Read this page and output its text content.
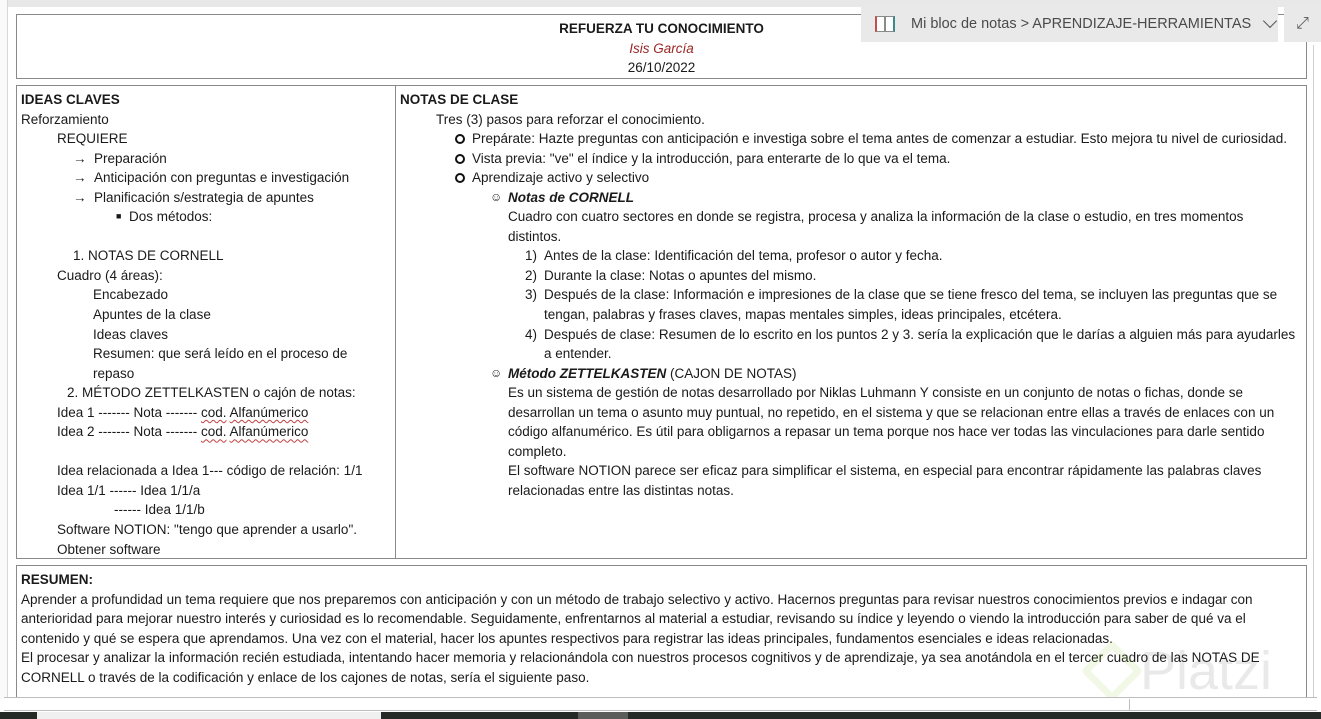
REFUERZA TU CONOCIMIENTO
Isis García
26/10/2022
IDEAS CLAVES
Reforzamiento
REQUIERE
→ Preparación
→ Anticipación con preguntas e investigación
→ Planificación s/estrategia de apuntes
■ Dos métodos:
1. NOTAS DE CORNELL
Cuadro (4 áreas):
Encabezado
Apuntes de la clase
Ideas claves
Resumen: que será leído en el proceso de
repaso
2. MÉTODO ZETTELKASTEN o cajón de notas:
Idea 1 ------- Nota ------- cod. Alfanúmerico
Idea 2 ------- Nota ------- cod. Alfanúmerico
Idea relacionada a Idea 1--- código de relación: 1/1
Idea 1/1 ------ Idea 1/1/a
------ Idea 1/1/b
Software NOTION: "tengo que aprender a usarlo".
Obtener software
NOTAS DE CLASE
Tres (3) pasos para reforzar el conocimiento.
Prepárate: Hazte preguntas con anticipación e investiga sobre el tema antes de comenzar a estudiar. Esto mejora tu nivel de curiosidad.
Vista previa: "ve" el índice y la introducción, para enterarte de lo que va el tema.
Aprendizaje activo y selectivo
☺ Notas de CORNELL
Cuadro con cuatro sectores en donde se registra, procesa y analiza la información de la clase o estudio, en tres momentos distintos.
1) Antes de la clase: Identificación del tema, profesor o autor y fecha.
2) Durante la clase: Notas o apuntes del mismo.
3) Después de la clase: Información e impresiones de la clase que se tiene fresco del tema, se incluyen las preguntas que se tengan, palabras y frases claves, mapas mentales simples, ideas principales, etcétera.
4) Después de clase: Resumen de lo escrito en los puntos 2 y 3. sería la explicación que le darías a alguien más para ayudarles a entender.
☺ Método ZETTELKASTEN (CAJON DE NOTAS)
Es un sistema de gestión de notas desarrollado por Niklas Luhmann Y consiste en un conjunto de notas o fichas, donde se desarrollan un tema o asunto muy puntual, no repetido, en el sistema y que se relacionan entre ellas a través de enlaces con un código alfanumérico. Es útil para obligarnos a repasar un tema porque nos hace ver todas las vinculaciones para darle sentido completo.
El software NOTION parece ser eficaz para simplificar el sistema, en especial para encontrar rápidamente las palabras claves relacionadas entre las distintas notas.
RESUMEN:
Aprender a profundidad un tema requiere que nos preparemos con anticipación y con un método de trabajo selectivo y activo. Hacernos preguntas para revisar nuestros conocimientos previos e indagar con anterioridad para mejorar nuestro interés y curiosidad es lo recomendable. Seguidamente, enfrentarnos al material a estudiar, revisando su índice y leyendo o viendo la introducción para saber de qué va el contenido y qué se espera que aprendamos. Una vez con el material, hacer los apuntes respectivos para registrar las ideas principales, fundamentos esenciales e ideas relacionadas.
El procesar y analizar la información recién estudiada, intentando hacer memoria y relacionándola con nuestros procesos cognitivos y de aprendizaje, ya sea anotándola en el tercer cuadro de las NOTAS DE CORNELL o través de la codificación y enlace de los cajones de notas, sería el siguiente paso.	Platzi
Mi bloc de notas > APRENDIZAJE-HERRAMIENTAS	⤢
